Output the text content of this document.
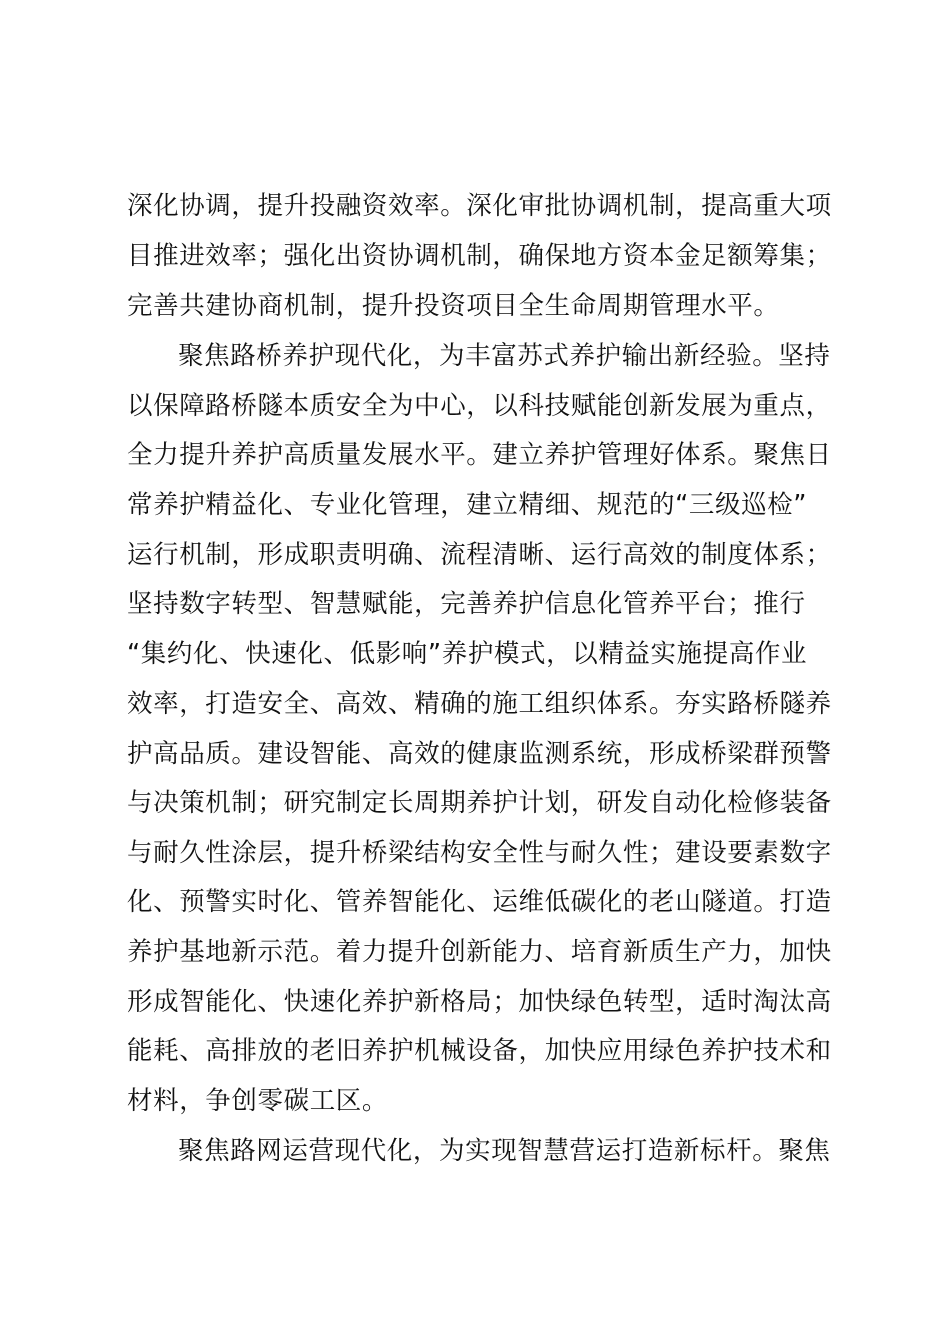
深化协调，提升投融资效率。深化审批协调机制，提高重大项
目推进效率；强化出资协调机制，确保地方资本金足额筹集；
完善共建协商机制，提升投资项目全生命周期管理水平。
聚焦路桥养护现代化，为丰富苏式养护输出新经验。坚持
以保障路桥隧本质安全为中心，以科技赋能创新发展为重点，
全力提升养护高质量发展水平。建立养护管理好体系。聚焦日
常养护精益化、专业化管理，建立精细、规范的“三级巡检”
运行机制，形成职责明确、流程清晰、运行高效的制度体系；
坚持数字转型、智慧赋能，完善养护信息化管养平台；推行
“集约化、快速化、低影响”养护模式，以精益实施提高作业
效率，打造安全、高效、精确的施工组织体系。夯实路桥隧养
护高品质。建设智能、高效的健康监测系统，形成桥梁群预警
与决策机制；研究制定长周期养护计划，研发自动化检修装备
与耐久性涂层，提升桥梁结构安全性与耐久性；建设要素数字
化、预警实时化、管养智能化、运维低碳化的老山隧道。打造
养护基地新示范。着力提升创新能力、培育新质生产力，加快
形成智能化、快速化养护新格局；加快绿色转型，适时淘汰高
能耗、高排放的老旧养护机械设备，加快应用绿色养护技术和
材料，争创零碳工区。
聚焦路网运营现代化，为实现智慧营运打造新标杆。聚焦
